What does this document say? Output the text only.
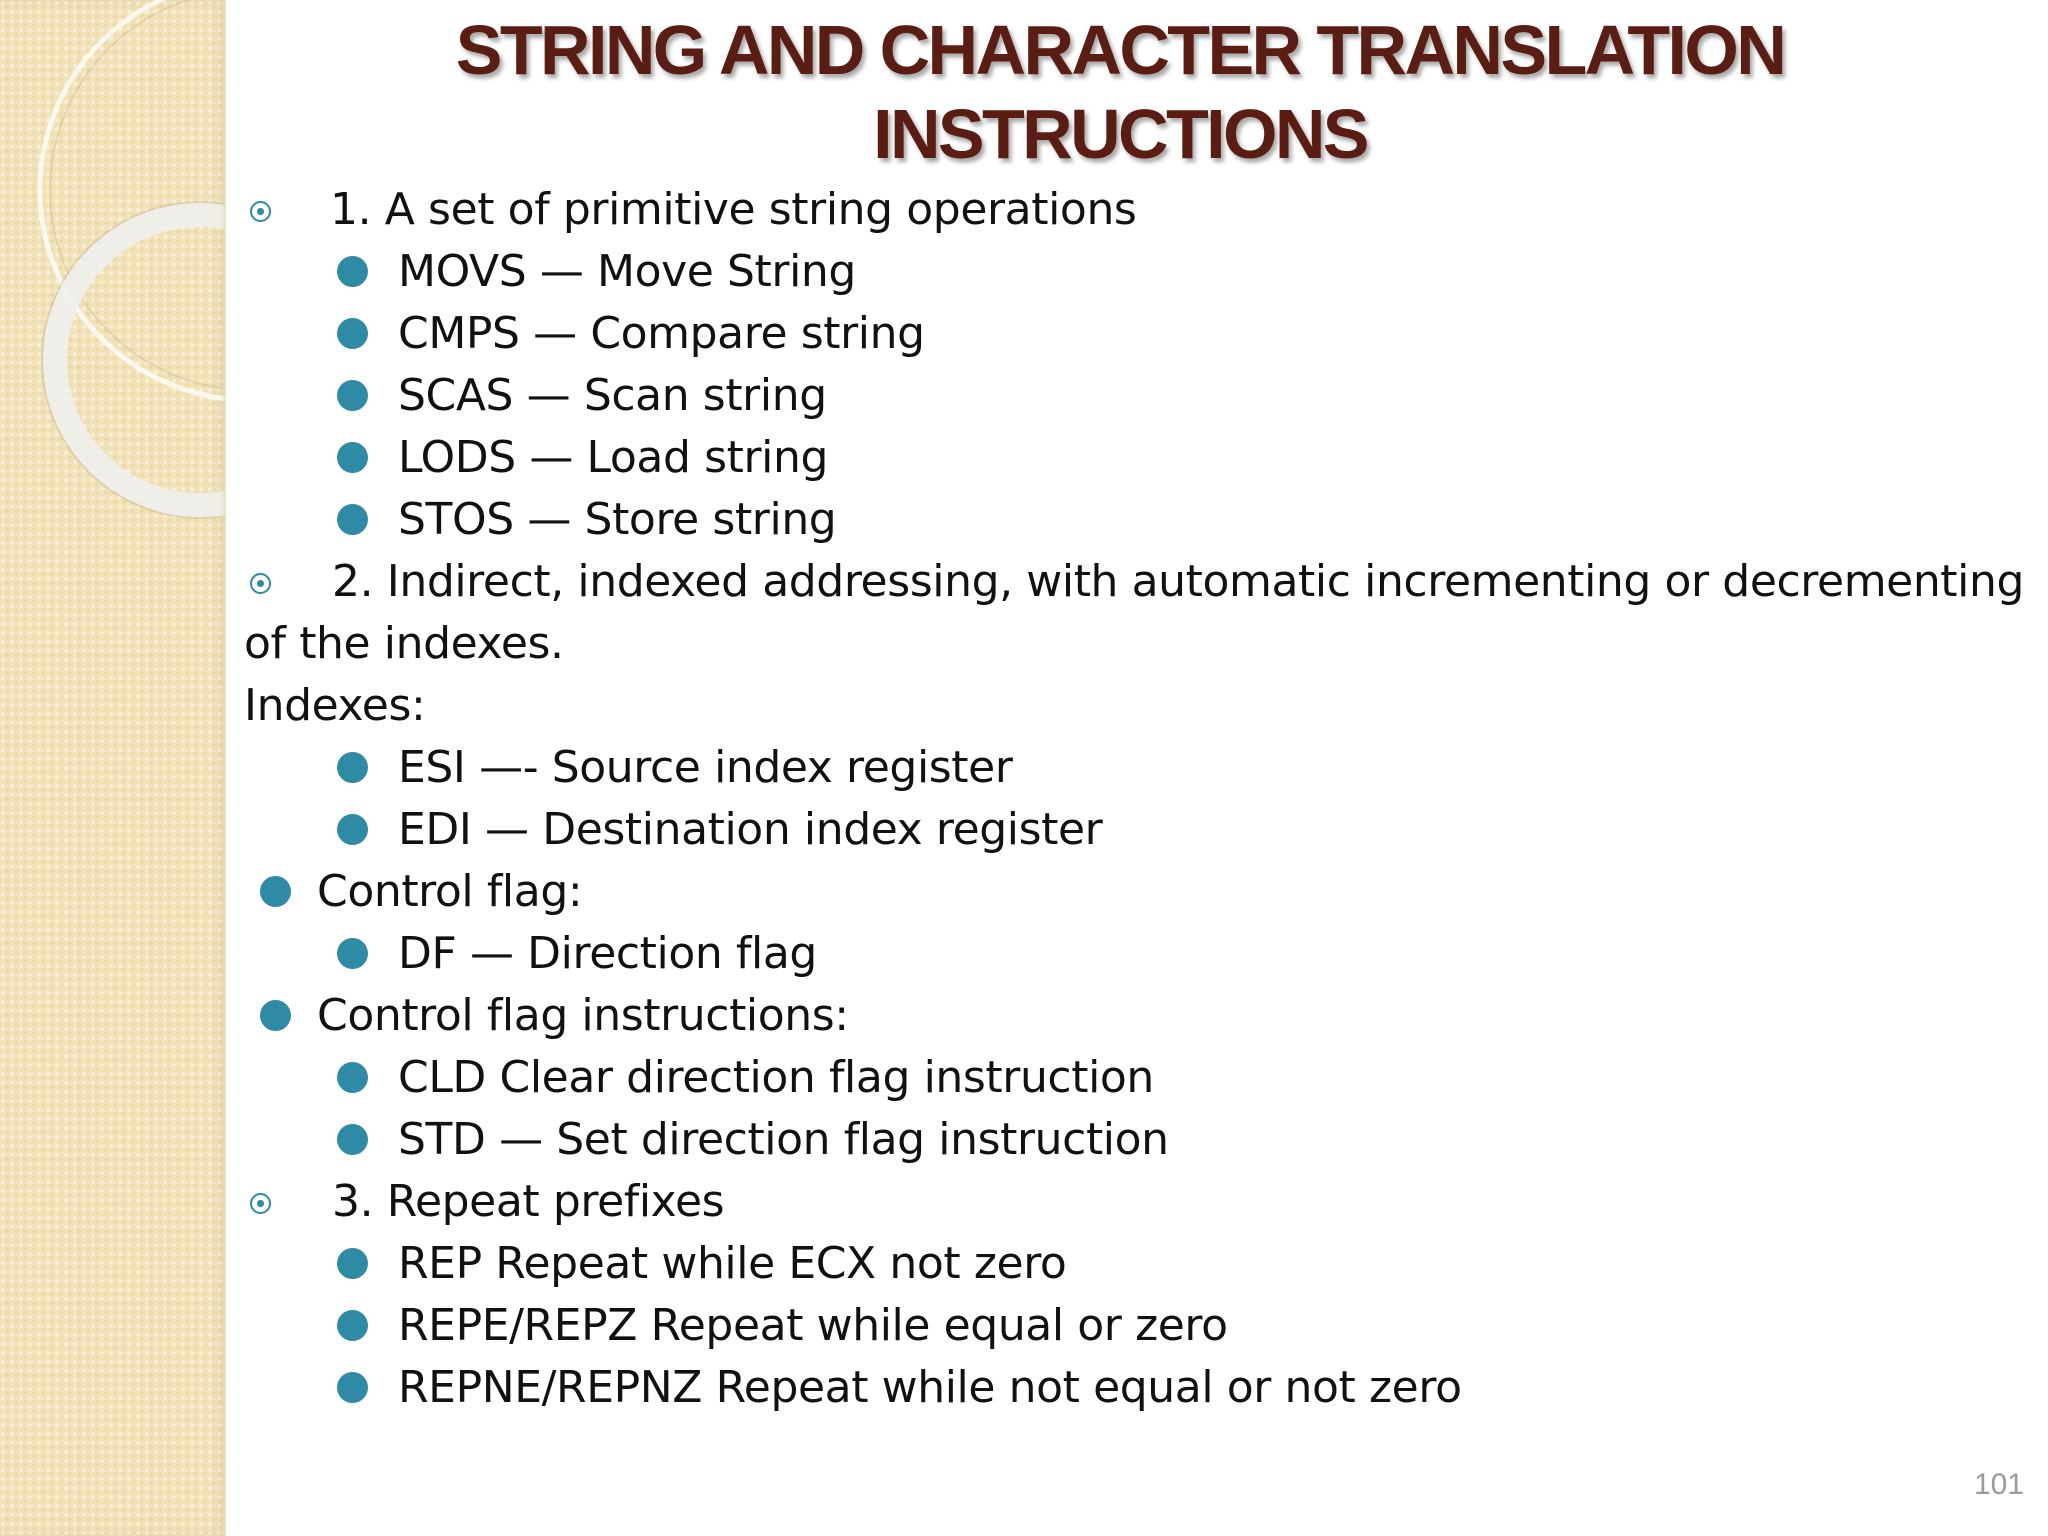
STRING AND CHARACTER TRANSLATION
INSTRUCTIONS
1. A set of primitive string operations
MOVS — Move String
CMPS — Compare string
SCAS — Scan string
LODS — Load string
STOS — Store string
2. Indirect, indexed addressing, with automatic incrementing or decrementing
of the indexes.
Indexes:
ESI —- Source index register
EDI — Destination index register
Control flag:
DF — Direction flag
Control flag instructions:
CLD Clear direction flag instruction
STD — Set direction flag instruction
3. Repeat prefixes
REP Repeat while ECX not zero
REPE/REPZ Repeat while equal or zero
REPNE/REPNZ Repeat while not equal or not zero
101
